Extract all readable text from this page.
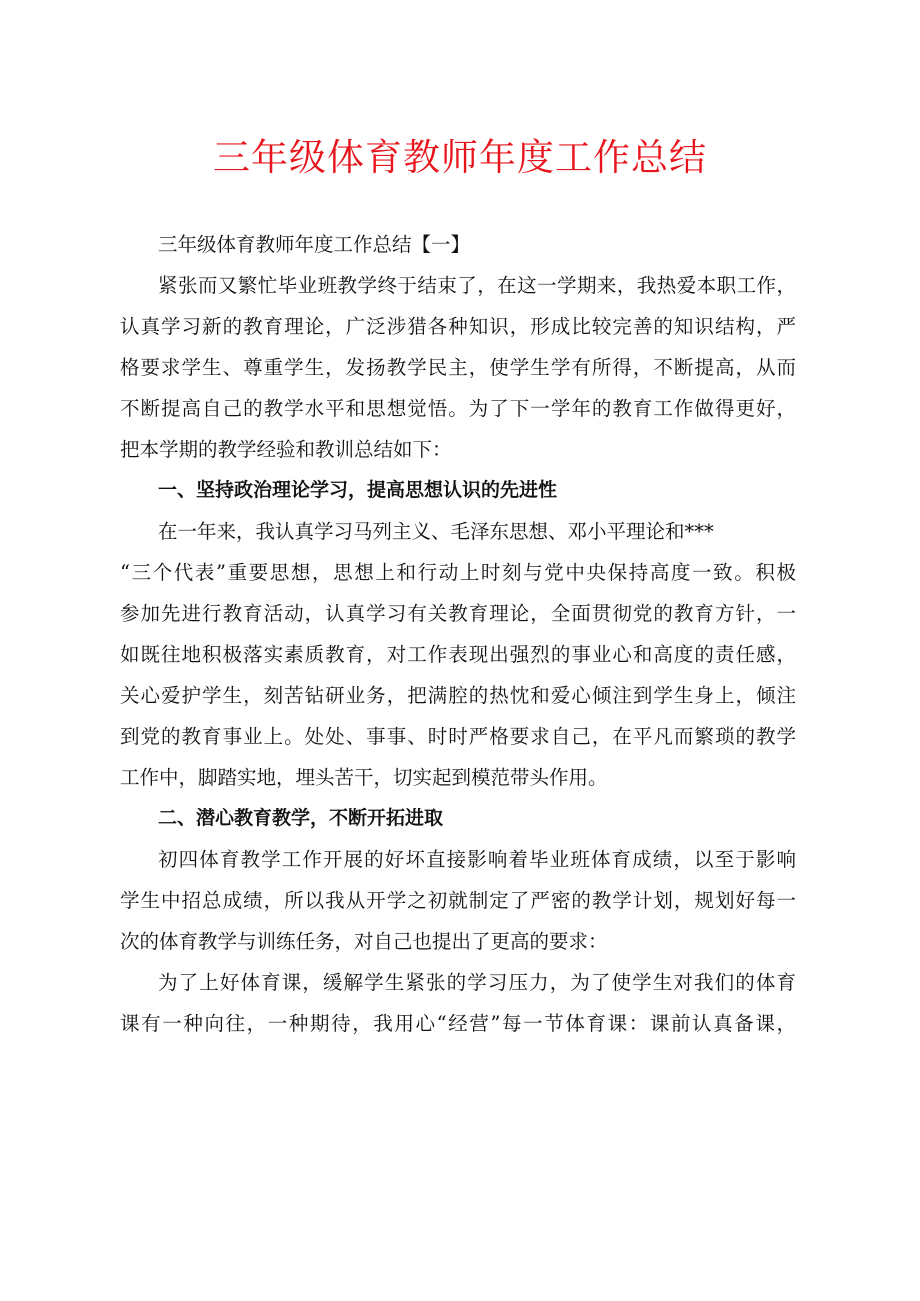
三年级体育教师年度工作总结
三年级体育教师年度工作总结【一】
紧张而又繁忙毕业班教学终于结束了，在这一学期来，我热爱本职工作，
认真学习新的教育理论，广泛涉猎各种知识，形成比较完善的知识结构，严
格要求学生、尊重学生，发扬教学民主，使学生学有所得，不断提高，从而
不断提高自己的教学水平和思想觉悟。为了下一学年的教育工作做得更好，
把本学期的教学经验和教训总结如下：
一、坚持政治理论学习，提高思想认识的先进性
在一年来，我认真学习马列主义、毛泽东思想、邓小平理论和***
“三个代表”重要思想，思想上和行动上时刻与党中央保持高度一致。积极
参加先进行教育活动，认真学习有关教育理论，全面贯彻党的教育方针，一
如既往地积极落实素质教育，对工作表现出强烈的事业心和高度的责任感，
关心爱护学生，刻苦钻研业务，把满腔的热忱和爱心倾注到学生身上，倾注
到党的教育事业上。处处、事事、时时严格要求自己，在平凡而繁琐的教学
工作中，脚踏实地，埋头苦干，切实起到模范带头作用。
二、潜心教育教学，不断开拓进取
初四体育教学工作开展的好坏直接影响着毕业班体育成绩，以至于影响
学生中招总成绩，所以我从开学之初就制定了严密的教学计划，规划好每一
次的体育教学与训练任务，对自己也提出了更高的要求：
为了上好体育课，缓解学生紧张的学习压力，为了使学生对我们的体育
课有一种向往，一种期待，我用心“经营”每一节体育课：课前认真备课，
